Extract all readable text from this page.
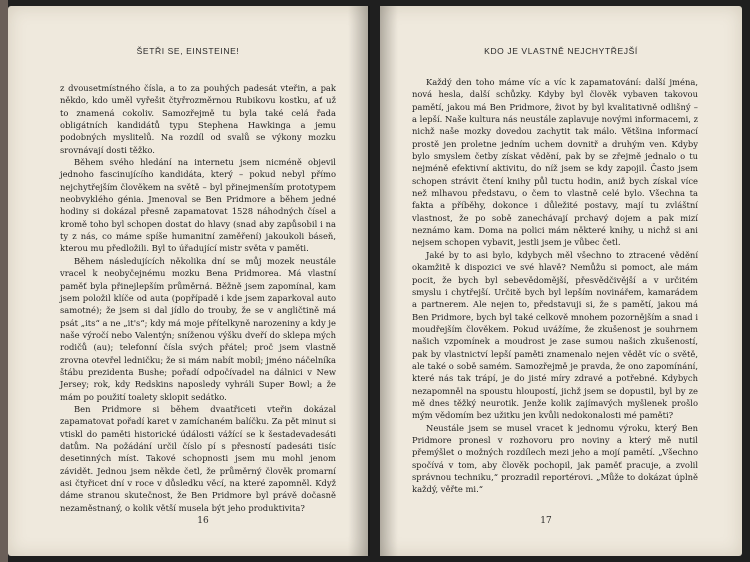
ŠETŘI SE, EINSTEINE!

z dvousetmístného čísla, a to za pouhých padesát vteřin, a pak někdo, kdo uměl vyřešit čtyřrozměrnou Rubikovu kostku, ať už to znamená cokoliv. Samozřejmě tu byla také celá řada obligátních kandidátů typu Stephena Hawkinga a jemu podobných myslitelů. Na rozdíl od svalů se výkony mozku srovnávají dosti těžko.

Během svého hledání na internetu jsem nicméně objevil jednoho fascinujícího kandidáta, který – pokud nebyl přímo nejchytřejším člověkem na světě – byl přinejmenším prototypem neobvyklého génia. Jmenoval se Ben Pridmore a během jedné hodiny si dokázal přesně zapamatovat 1528 náhodných čísel a kromě toho byl schopen dostat do hlavy (snad aby zapůsobil i na ty z nás, co máme spíše humanitní zaměření) jakoukoli báseň, kterou mu předložili. Byl to úřadující mistr světa v paměti.

Během následujících několika dní se můj mozek neustále vracel k neobyčejnému mozku Bena Pridmorea. Má vlastní paměť byla přinejlepším průměrná. Běžně jsem zapomínal, kam jsem položil klíče od auta (popřípadě i kde jsem zaparkoval auto samotné); že jsem si dal jídlo do trouby, že se v angličtině má psát „its“ a ne „it's“; kdy má moje přítelkyně narozeniny a kdy je naše výročí nebo Valentýn; sníženou výšku dveří do sklepa mých rodičů (au); telefonní čísla svých přátel; proč jsem vlastně zrovna otevřel ledničku; že si mám nabít mobil; jméno náčelníka štábu prezidenta Bushe; pořadí odpočívadel na dálnici v New Jersey; rok, kdy Redskins naposledy vyhráli Super Bowl; a že mám po použití toalety sklopit sedátko.

Ben Pridmore si během dvaatřiceti vteřin dokázal zapamatovat pořadí karet v zamíchaném balíčku. Za pět minut si vtiskl do paměti historické údálosti vážící se k šestadevadesáti datům. Na požádání určil číslo pí s přesností padesáti tisíc desetinných míst. Takové schopnosti jsem mu mohl jenom závidět. Jednou jsem někde četl, že průměrný člověk promarní asi čtyřicet dní v roce v důsledku věcí, na které zapomněl. Když dáme stranou skutečnost, že Ben Pridmore byl právě dočasně nezaměstnaný, o kolik větší musela být jeho produktivita?

16
KDO JE VLASTNĚ NEJCHYTŘEJŠÍ

Každý den toho máme víc a víc k zapamatování: další jména, nová hesla, další schůzky. Kdyby byl člověk vybaven takovou pamětí, jakou má Ben Pridmore, život by byl kvalitativně odlišný – a lepší. Naše kultura nás neustále zaplavuje novými informacemi, z nichž naše mozky dovedou zachytit tak málo. Většina informací prostě jen proletne jedním uchem dovnitř a druhým ven. Kdyby bylo smyslem četby získat vědění, pak by se zřejmě jednalo o tu nejméně efektivní aktivitu, do níž jsem se kdy zapojil. Často jsem schopen strávit čtení knihy půl tuctu hodin, aniž bych získal více než mlhavou představu, o čem to vlastně celé bylo. Všechna ta fakta a příběhy, dokonce i důležité postavy, mají tu zvláštní vlastnost, že po sobě zanechávají prchavý dojem a pak mizí neznámo kam. Doma na polici mám některé knihy, u nichž si ani nejsem schopen vybavit, jestli jsem je vůbec četl.

Jaké by to asi bylo, kdybych měl všechno to ztracené vědění okamžitě k dispozici ve své hlavě? Nemůžu si pomoct, ale mám pocit, že bych byl sebevědomější, přesvědčivější a v určitém smyslu i chytřejší. Určitě bych byl lepším novinářem, kamarádem a partnerem. Ale nejen to, představuji si, že s pamětí, jakou má Ben Pridmore, bych byl také celkově mnohem pozornějším a snad i moudřejším člověkem. Pokud uvážíme, že zkušenost je souhrnem našich vzpomínek a moudrost je zase sumou našich zkušeností, pak by vlastnictví lepší paměti znamenalo nejen vědět víc o světě, ale také o sobě samém. Samozřejmě je pravda, že ono zapomínání, které nás tak trápí, je do jisté míry zdravé a potřebné. Kdybych nezapomněl na spoustu hloupostí, jichž jsem se dopustil, byl by ze mě dnes těžký neurotik. Jenže kolik zajímavých myšlenek prošlo mým vědomím bez užitku jen kvůli nedokonalosti mé paměti?

Neustále jsem se musel vracet k jednomu výroku, který Ben Pridmore pronesl v rozhovoru pro noviny a který mě nutil přemýšlet o možných rozdílech mezi jeho a mojí pamětí. „Všechno spočívá v tom, aby člověk pochopil, jak paměť pracuje, a zvolil správnou techniku,“ prozradil reportérovi. „Může to dokázat úplně každý, věřte mi.“

17
